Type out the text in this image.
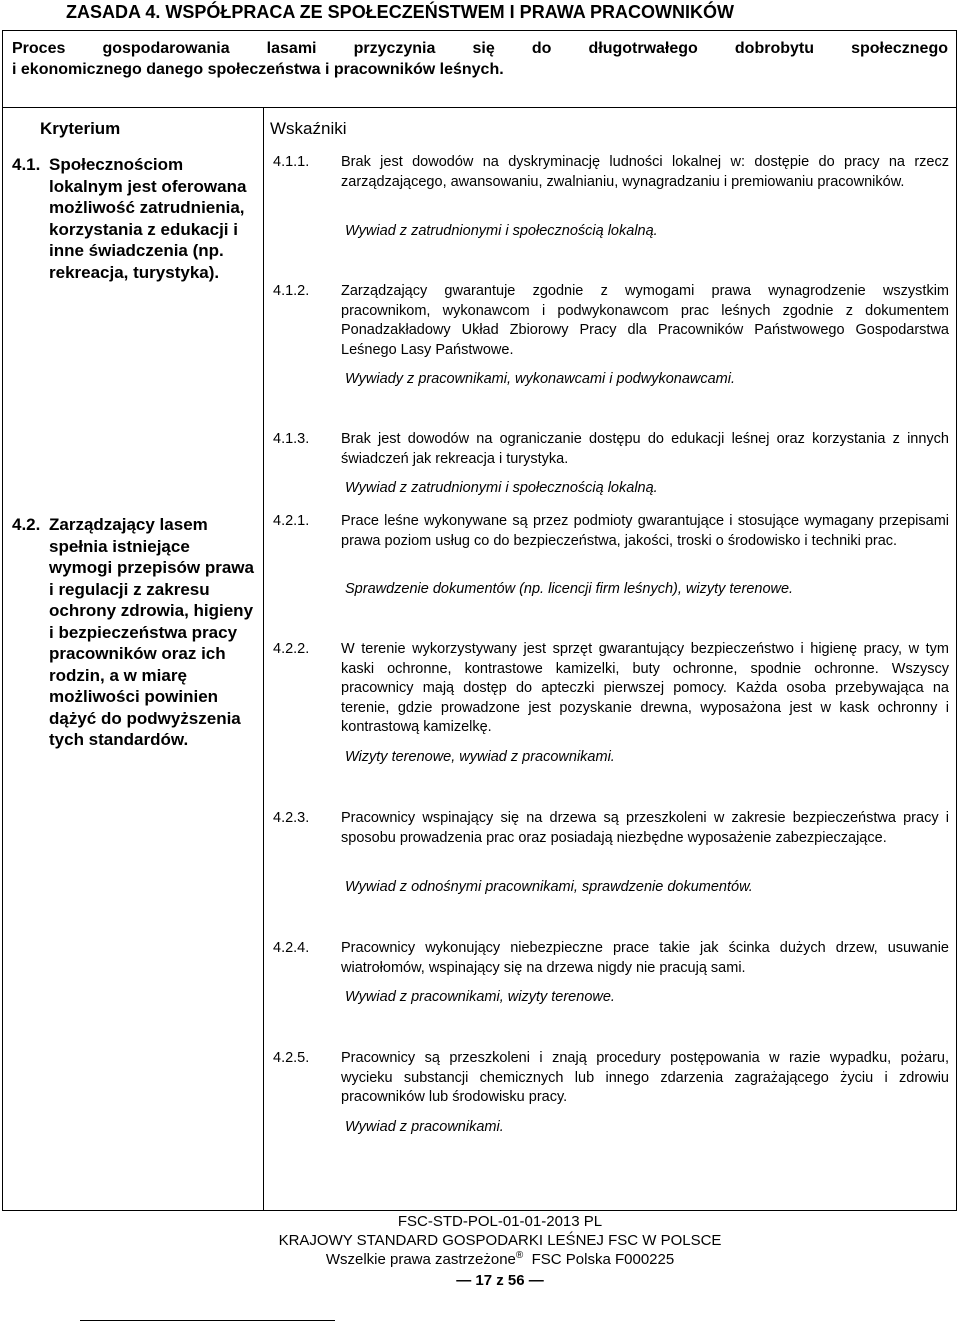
ZASADA 4. WSPÓŁPRACA ZE SPOŁECZEŃSTWEM I PRAWA PRACOWNIKÓW
Proces gospodarowania lasami przyczynia się do długotrwałego dobrobytu społecznego
i ekonomicznego danego społeczeństwa i pracowników leśnych.
Kryterium	Wskaźniki
4.1. Społecznościom lokalnym jest oferowana możliwość zatrudnienia, korzystania z edukacji i inne świadczenia (np. rekreacja, turystyka).
4.2. Zarządzający lasem spełnia istniejące wymogi przepisów prawa i regulacji z zakresu ochrony zdrowia, higieny i bezpieczeństwa pracy pracowników oraz ich rodzin, a w miarę możliwości powinien dążyć do podwyższenia tych standardów.
4.1.1. Brak jest dowodów na dyskryminację ludności lokalnej w: dostępie do pracy na rzecz zarządzającego, awansowaniu, zwalnianiu, wynagradzaniu i premiowaniu pracowników.
Wywiad z zatrudnionymi i społecznością lokalną.
4.1.2. Zarządzający gwarantuje zgodnie z wymogami prawa wynagrodzenie wszystkim pracownikom, wykonawcom i podwykonawcom prac leśnych zgodnie z dokumentem Ponadzakładowy Układ Zbiorowy Pracy dla Pracowników Państwowego Gospodarstwa Leśnego Lasy Państwowe.
Wywiady z pracownikami, wykonawcami i podwykonawcami.
4.1.3. Brak jest dowodów na ograniczanie dostępu do edukacji leśnej oraz korzystania z innych świadczeń jak rekreacja i turystyka.
Wywiad z zatrudnionymi i społecznością lokalną.
4.2.1. Prace leśne wykonywane są przez podmioty gwarantujące i stosujące wymagany przepisami prawa poziom usług co do bezpieczeństwa, jakości, troski o środowisko i techniki prac.
Sprawdzenie dokumentów (np. licencji firm leśnych), wizyty terenowe.
4.2.2. W terenie wykorzystywany jest sprzęt gwarantujący bezpieczeństwo i higienę pracy, w tym kaski ochronne, kontrastowe kamizelki, buty ochronne, spodnie ochronne. Wszyscy pracownicy mają dostęp do apteczki pierwszej pomocy. Każda osoba przebywająca na terenie, gdzie prowadzone jest pozyskanie drewna, wyposażona jest w kask ochronny i kontrastową kamizelkę.
Wizyty terenowe, wywiad z pracownikami.
4.2.3. Pracownicy wspinający się na drzewa są przeszkoleni w zakresie bezpieczeństwa pracy i sposobu prowadzenia prac oraz posiadają niezbędne wyposażenie zabezpieczające.
Wywiad z odnośnymi pracownikami, sprawdzenie dokumentów.
4.2.4. Pracownicy wykonujący niebezpieczne prace takie jak ścinka dużych drzew, usuwanie wiatrołomów, wspinający się na drzewa nigdy nie pracują sami.
Wywiad z pracownikami, wizyty terenowe.
4.2.5. Pracownicy są przeszkoleni i znają procedury postępowania w razie wypadku, pożaru, wycieku substancji chemicznych lub innego zdarzenia zagrażającego życiu i zdrowiu pracowników lub środowisku pracy.
Wywiad z pracownikami.
FSC-STD-POL-01-01-2013 PL
KRAJOWY STANDARD GOSPODARKI LEŚNEJ FSC W POLSCE
Wszelkie prawa zastrzeżone® FSC Polska F000225
— 17 z 56 —
